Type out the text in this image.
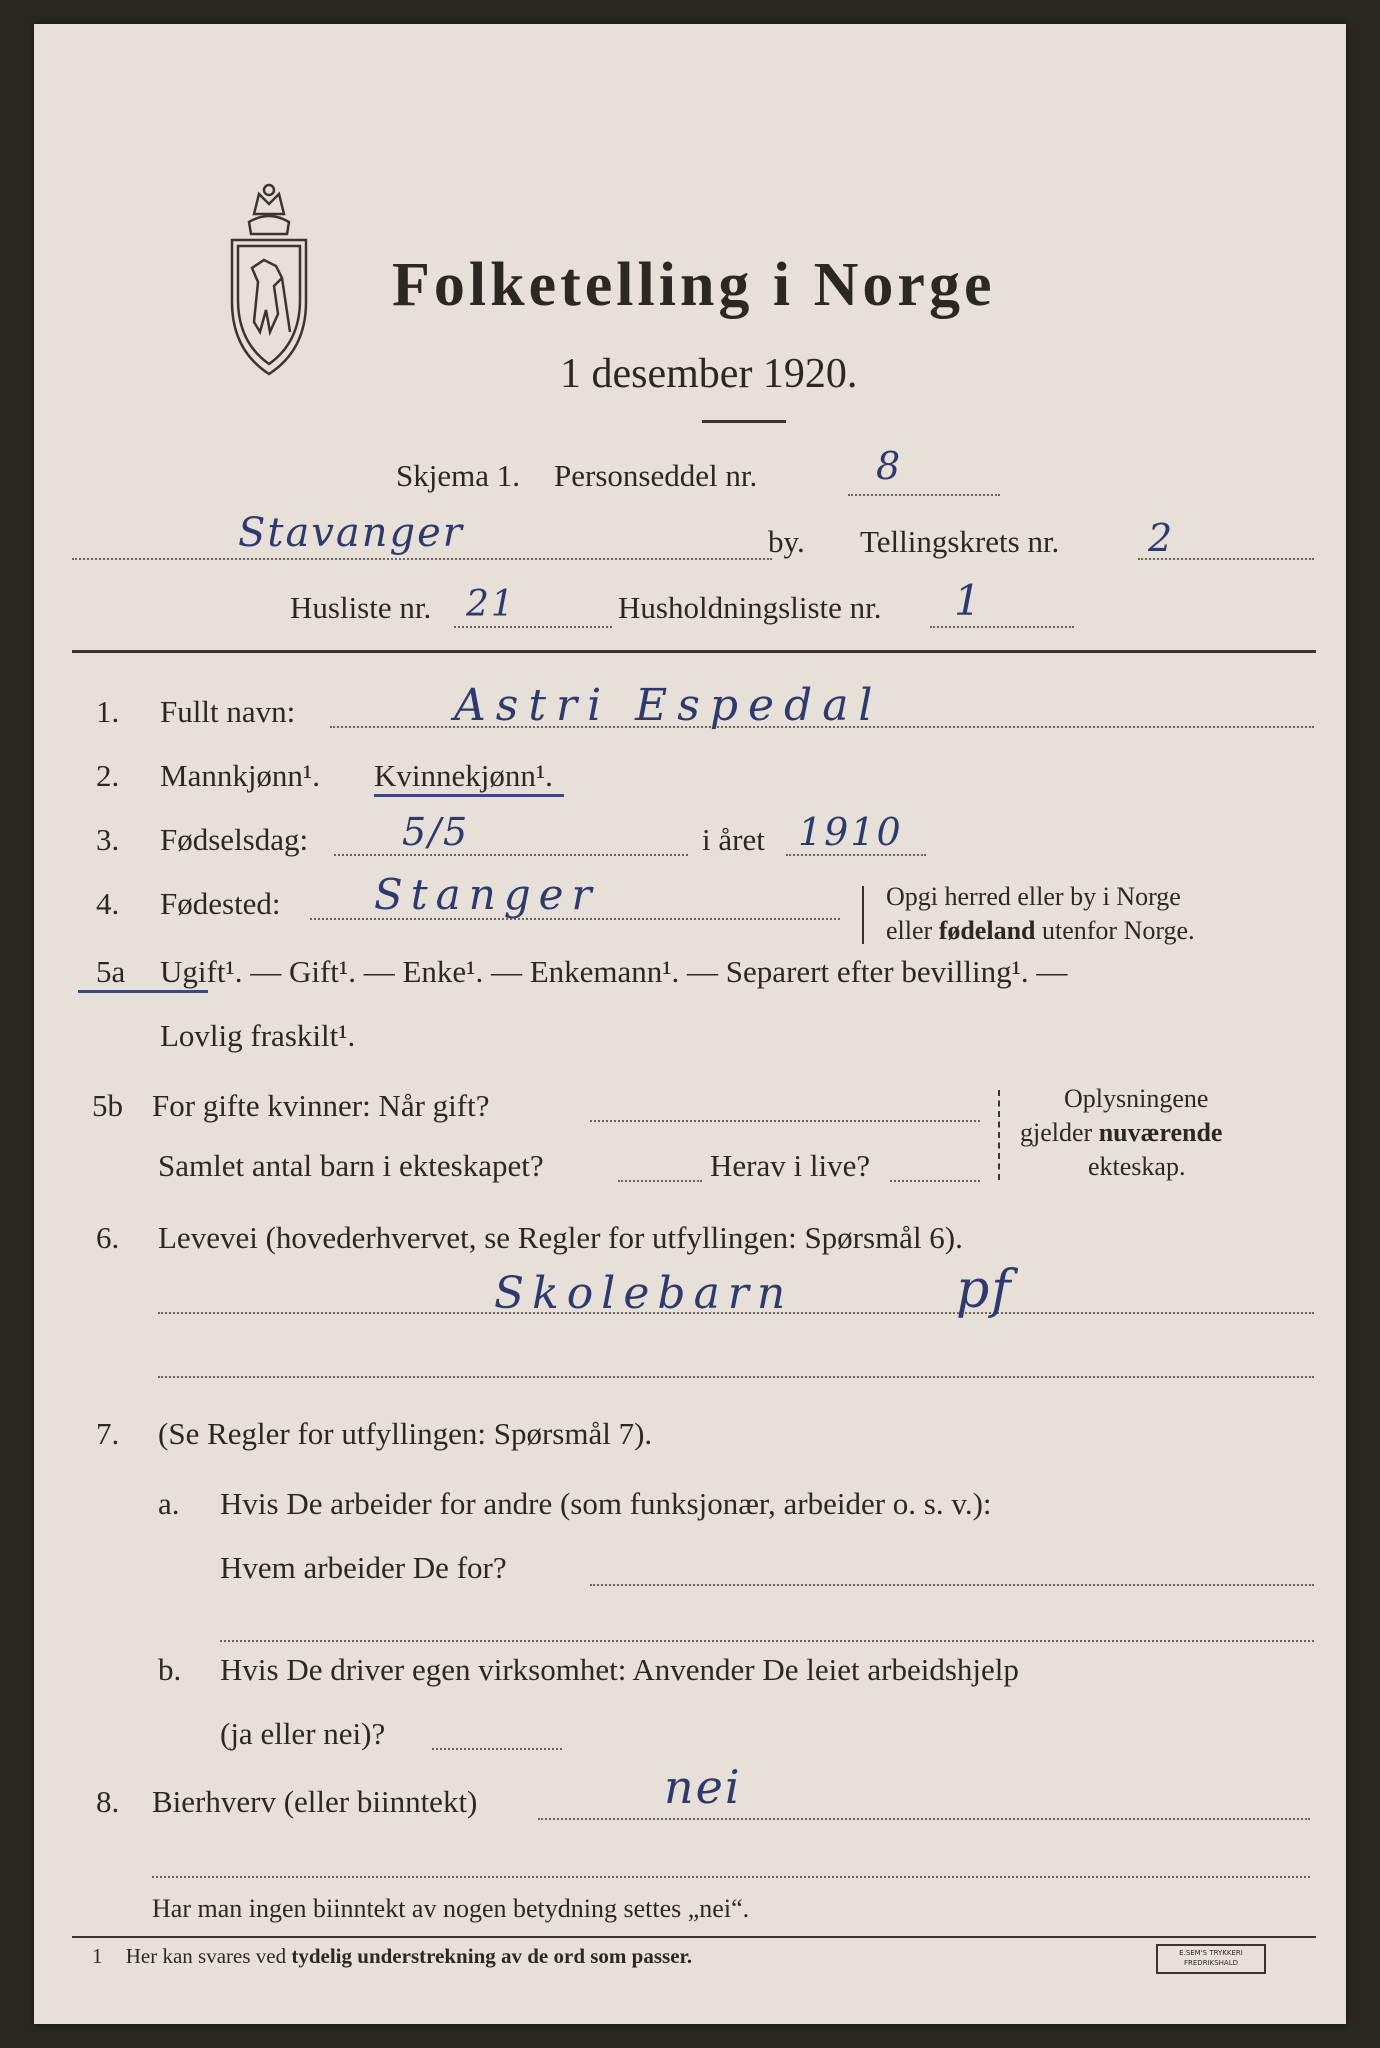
Folketelling i Norge
1 desember 1920.
Skjema 1. Personseddel nr.	8
Stavanger	by. Tellingskrets nr. 2
Husliste nr. 21	Husholdningsliste nr. 1
1. Fullt navn:	Astri Espedal
2. Mannkjønn¹. Kvinnekjønn¹.
3. Fødselsdag: 5/5	i året 1910
4. Fødested: Stanger	Opgi herred eller by i Norge
eller fødeland utenfor Norge.
5a Ugift¹. — Gift¹. — Enke¹. — Enkemann¹. — Separert efter bevilling¹. —
Lovlig fraskilt¹.
5b For gifte kvinner: Når gift?
Samlet antal barn i ekteskapet?	Herav i live?
Oplysningene
gjelder nuværende
ekteskap.
6. Levevei (hovederhvervet, se Regler for utfyllingen: Spørsmål 6).
Skolebarn	pf
7. (Se Regler for utfyllingen: Spørsmål 7).
a. Hvis De arbeider for andre (som funksjonær, arbeider o. s. v.):
Hvem arbeider De for?
b. Hvis De driver egen virksomhet: Anvender De leiet arbeidshjelp
(ja eller nei)?
8. Bierhverv (eller biinntekt)	nei
Har man ingen biinntekt av nogen betydning settes „nei“.
1 Her kan svares ved tydelig understrekning av de ord som passer.	E.SEM'S TRYKKERI
FREDRIKSHALD
